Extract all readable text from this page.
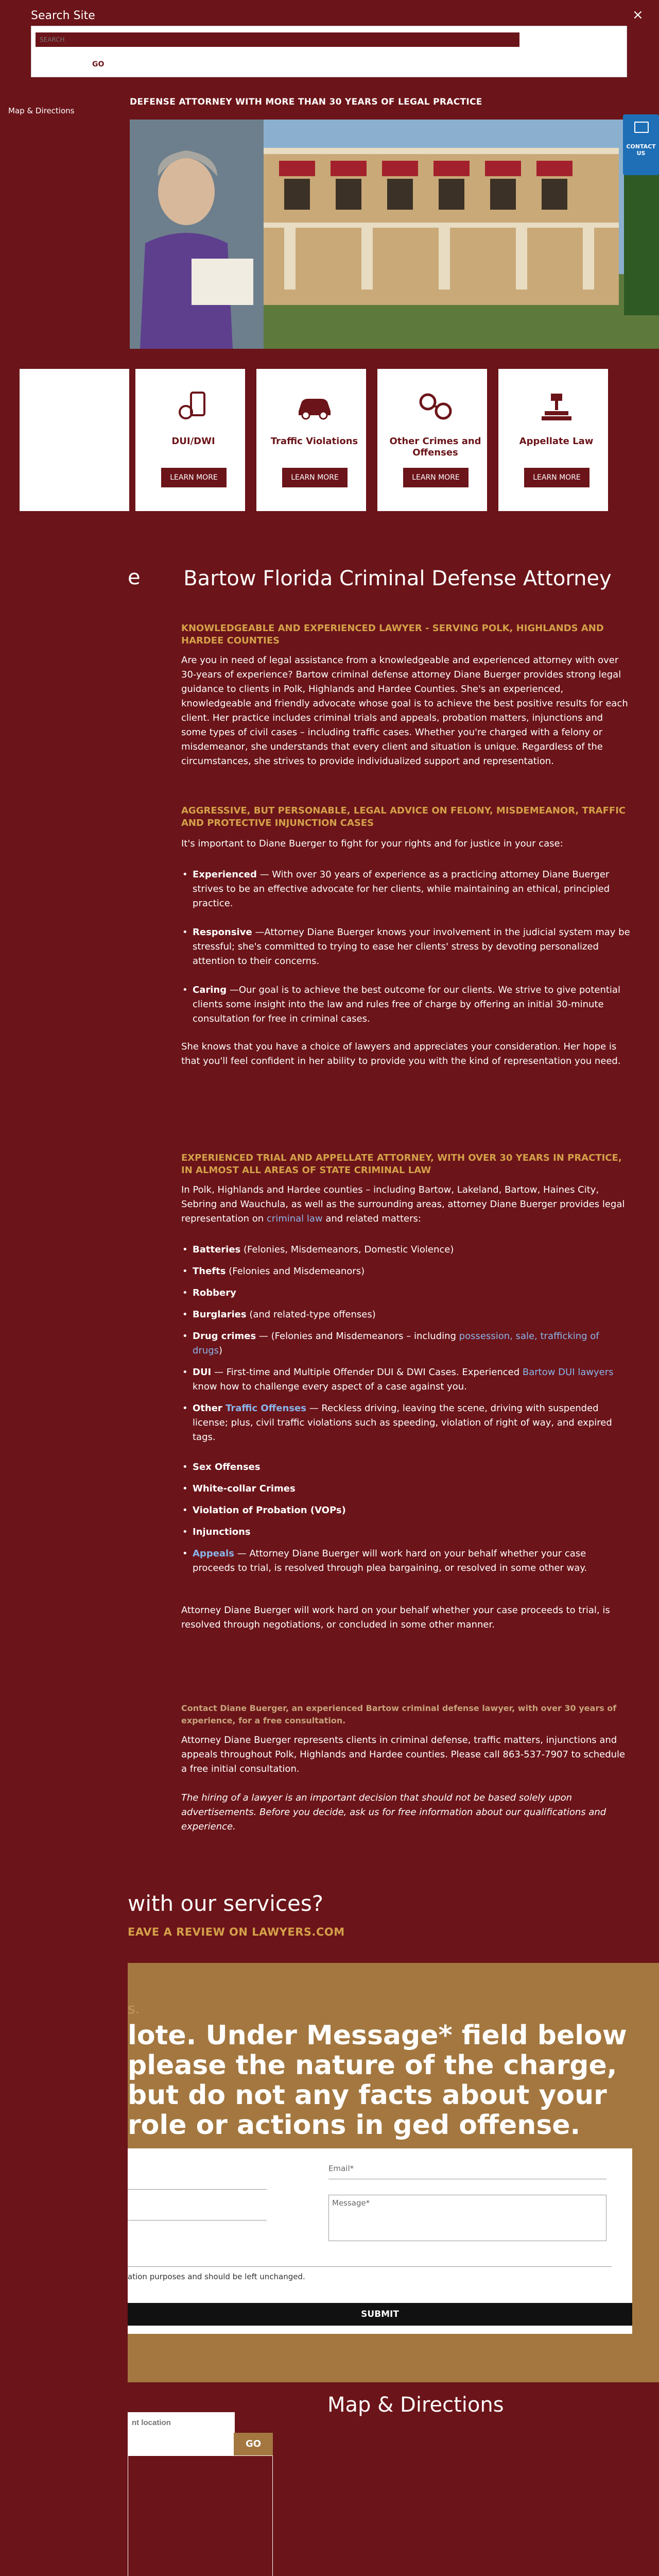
Search Site	×
SEARCH
GO
Map & Directions
DEFENSE ATTORNEY WITH MORE THAN 30 YEARS OF LEGAL PRACTICE
CONTACT US
DUI/DWI
LEARN MORE
Traffic Violations
LEARN MORE
Other Crimes and Offenses
LEARN MORE
Appellate Law
LEARN MORE
e Bartow Florida Criminal Defense Attorney
KNOWLEDGEABLE AND EXPERIENCED LAWYER - SERVING POLK, HIGHLANDS AND HARDEE COUNTIES
Are you in need of legal assistance from a knowledgeable and experienced attorney with over 30-years of experience? Bartow criminal defense attorney Diane Buerger provides strong legal guidance to clients in Polk, Highlands and Hardee Counties. She's an experienced, knowledgeable and friendly advocate whose goal is to achieve the best positive results for each client. Her practice includes criminal trials and appeals, probation matters, injunctions and some types of civil cases – including traffic cases. Whether you're charged with a felony or misdemeanor, she understands that every client and situation is unique. Regardless of the circumstances, she strives to provide individualized support and representation.
AGGRESSIVE, BUT PERSONABLE, LEGAL ADVICE ON FELONY, MISDEMEANOR, TRAFFIC AND PROTECTIVE INJUNCTION CASES
It's important to Diane Buerger to fight for your rights and for justice in your case:
• Experienced — With over 30 years of experience as a practicing attorney Diane Buerger strives to be an effective advocate for her clients, while maintaining an ethical, principled practice.
• Responsive —Attorney Diane Buerger knows your involvement in the judicial system may be stressful; she's committed to trying to ease her clients' stress by devoting personalized attention to their concerns.
• Caring —Our goal is to achieve the best outcome for our clients. We strive to give potential clients some insight into the law and rules free of charge by offering an initial 30-minute consultation for free in criminal cases.
She knows that you have a choice of lawyers and appreciates your consideration. Her hope is that you'll feel confident in her ability to provide you with the kind of representation you need.
EXPERIENCED TRIAL AND APPELLATE ATTORNEY, WITH OVER 30 YEARS IN PRACTICE, IN ALMOST ALL AREAS OF STATE CRIMINAL LAW
In Polk, Highlands and Hardee counties – including Bartow, Lakeland, Bartow, Haines City, Sebring and Wauchula, as well as the surrounding areas, attorney Diane Buerger provides legal representation on criminal law and related matters:
• Batteries (Felonies, Misdemeanors, Domestic Violence)
• Thefts (Felonies and Misdemeanors)
• Robbery
• Burglaries (and related-type offenses)
• Drug crimes — (Felonies and Misdemeanors – including possession, sale, trafficking of drugs)
• DUI — First-time and Multiple Offender DUI & DWI Cases. Experienced Bartow DUI lawyers know how to challenge every aspect of a case against you.
• Other Traffic Offenses — Reckless driving, leaving the scene, driving with suspended license; plus, civil traffic violations such as speeding, violation of right of way, and expired tags.
• Sex Offenses
• White-collar Crimes
• Violation of Probation (VOPs)
• Injunctions
• Appeals — Attorney Diane Buerger will work hard on your behalf whether your case proceeds to trial, is resolved through plea bargaining, or resolved in some other way.
Attorney Diane Buerger will work hard on your behalf whether your case proceeds to trial, is resolved through negotiations, or concluded in some other manner.
Contact Diane Buerger, an experienced Bartow criminal defense lawyer, with over 30 years of experience, for a free consultation.
Attorney Diane Buerger represents clients in criminal defense, traffic matters, injunctions and appeals throughout Polk, Highlands and Hardee counties. Please call 863-537-7907 to schedule a free initial consultation.
The hiring of a lawyer is an important decision that should not be based solely upon advertisements. Before you decide, ask us for free information about our qualifications and experience.
with our services?
EAVE A REVIEW ON LAWYERS.COM
s.
lote. Under Message* field below please the nature of the charge, but do not any facts about your role or actions in ged offense.
Email*
Message*
ation purposes and should be left unchanged.
SUBMIT
Map & Directions
nt location
GO
